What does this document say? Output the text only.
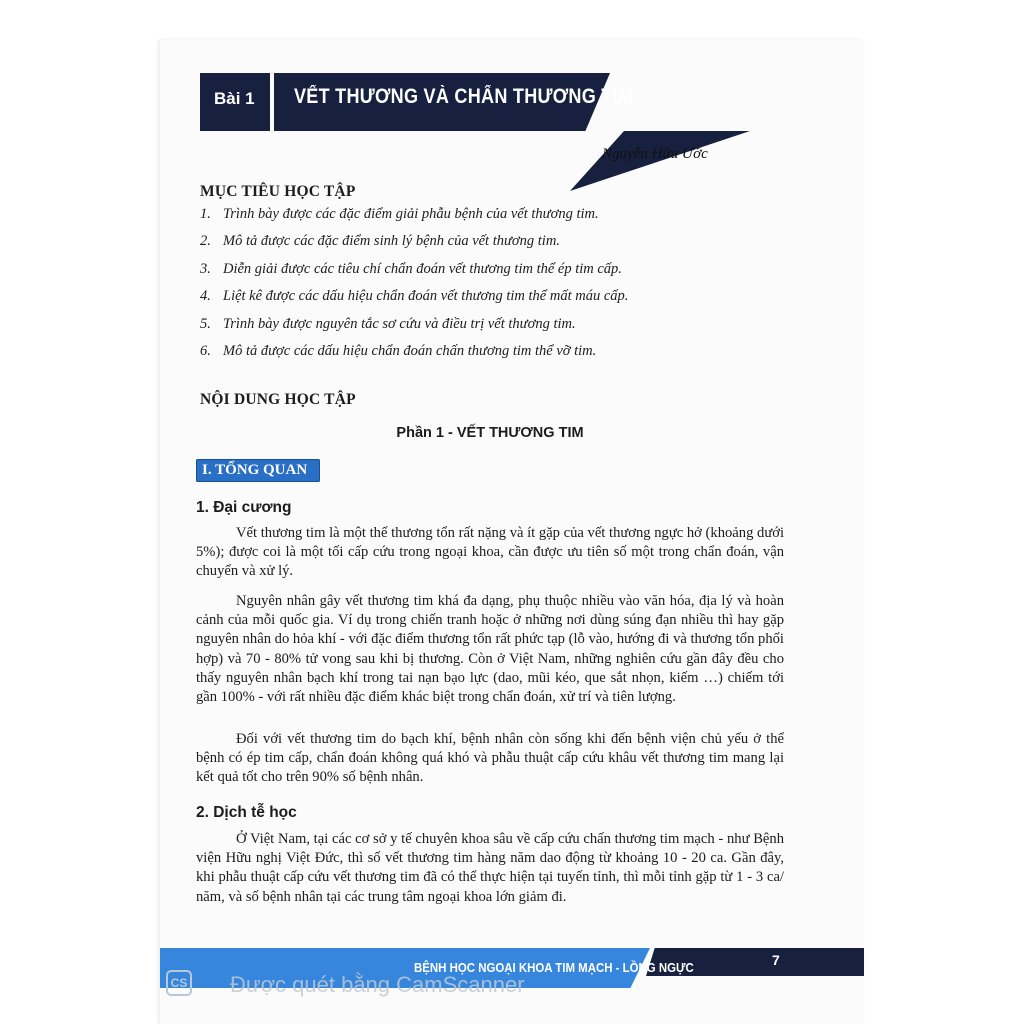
Bài 1 VẾT THƯƠNG VÀ CHẤN THƯƠNG TIM
Nguyễn Hữu Ước
MỤC TIÊU HỌC TẬP
1. Trình bày được các đặc điểm giải phẫu bệnh của vết thương tim.
2. Mô tả được các đặc điểm sinh lý bệnh của vết thương tim.
3. Diễn giải được các tiêu chí chẩn đoán vết thương tim thể ép tim cấp.
4. Liệt kê được các dấu hiệu chẩn đoán vết thương tim thể mất máu cấp.
5. Trình bày được nguyên tắc sơ cứu và điều trị vết thương tim.
6. Mô tả được các dấu hiệu chẩn đoán chấn thương tim thể vỡ tim.
NỘI DUNG HỌC TẬP
Phần 1 - VẾT THƯƠNG TIM
I. TỔNG QUAN
1. Đại cương

Vết thương tim là một thể thương tổn rất nặng và ít gặp của vết thương ngực hở (khoảng dưới 5%); được coi là một tối cấp cứu trong ngoại khoa, cần được ưu tiên số một trong chẩn đoán, vận chuyển và xử lý.

Nguyên nhân gây vết thương tim khá đa dạng, phụ thuộc nhiều vào văn hóa, địa lý và hoàn cảnh của mỗi quốc gia. Ví dụ trong chiến tranh hoặc ở những nơi dùng súng đạn nhiều thì hay gặp nguyên nhân do hỏa khí - với đặc điểm thương tổn rất phức tạp (lỗ vào, hướng đi và thương tổn phối hợp) và 70 - 80% tử vong sau khi bị thương. Còn ở Việt Nam, những nghiên cứu gần đây đều cho thấy nguyên nhân bạch khí trong tai nạn bạo lực (dao, mũi kéo, que sắt nhọn, kiếm …) chiếm tới gần 100% - với rất nhiều đặc điểm khác biệt trong chẩn đoán, xử trí và tiên lượng.

Đối với vết thương tim do bạch khí, bệnh nhân còn sống khi đến bệnh viện chủ yếu ở thể bệnh có ép tim cấp, chẩn đoán không quá khó và phẫu thuật cấp cứu khâu vết thương tim mang lại kết quả tốt cho trên 90% số bệnh nhân.

2. Dịch tễ học

Ở Việt Nam, tại các cơ sở y tế chuyên khoa sâu về cấp cứu chấn thương tim mạch - như Bệnh viện Hữu nghị Việt Đức, thì số vết thương tim hàng năm dao động từ khoảng 10 - 20 ca. Gần đây, khi phẫu thuật cấp cứu vết thương tim đã có thể thực hiện tại tuyến tỉnh, thì mỗi tỉnh gặp từ 1 - 3 ca/ năm, và số bệnh nhân tại các trung tâm ngoại khoa lớn giảm đi.

BỆNH HỌC NGOẠI KHOA TIM MẠCH - LỒNG NGỰC	7
CS Được quét bằng CamScanner
